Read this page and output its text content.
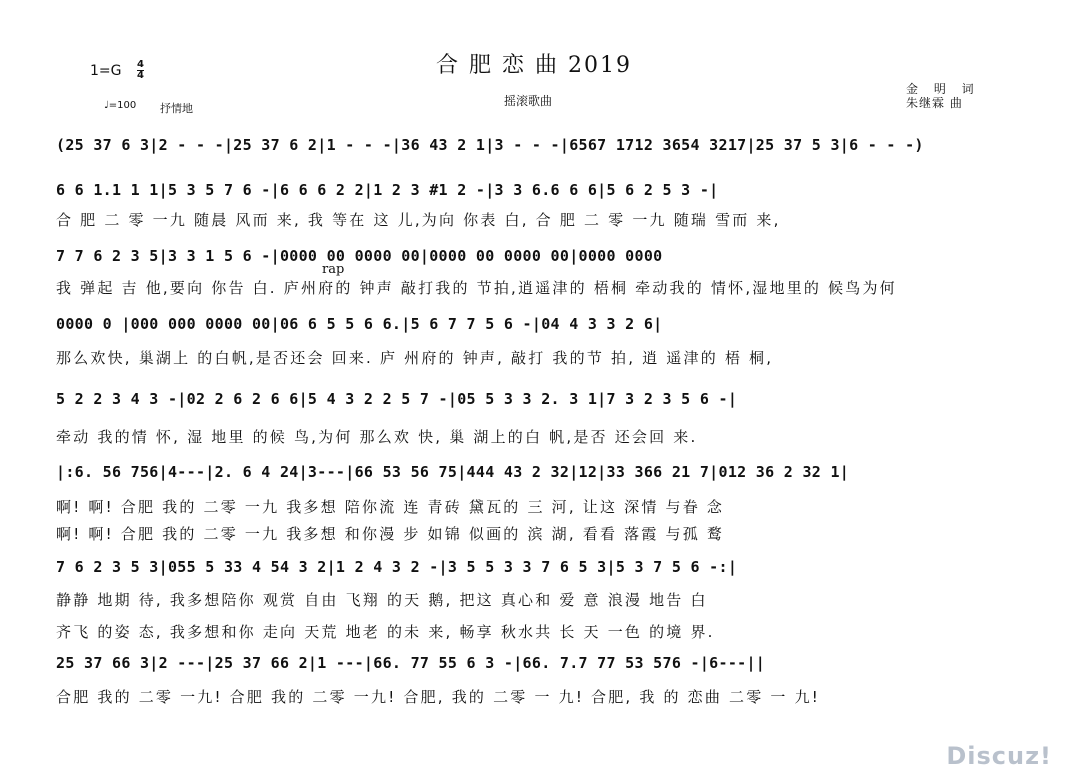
合 肥 恋 曲 2019
1=G 4
4
♩=100 抒情地
摇滚歌曲
金 明 词
朱继霖 曲
rap
(25 37 6 3|2 - - -|25 37 6 2|1 - - -|36 43 2 1|3 - - -|6567 1712 3654 3217|25 37 5 3|6 - - -)
6 6 1.1 1 1|5 3 5 7 6 -|6 6 6 2 2|1 2 3 #1 2 -|3 3 6.6 6 6|5 6 2 5 3 -|
合 肥 二 零 一九 随晨 风而 来, 我 等在 这 儿,为向 你表 白, 合 肥 二 零 一九 随瑞 雪而 来,
7 7 6 2 3 5|3 3 1 5 6 -|0000 00 0000 00|0000 00 0000 00|0000 0000
我 弹起 吉 他,要向 你告 白. 庐州府的 钟声 敲打我的 节拍,逍遥津的 梧桐 牵动我的 情怀,湿地里的 候鸟为何
0000 0 |000 000 0000 00|06 6 5 5 6 6.|5 6 7 7 5 6 -|04 4 3 3 2 6|
那么欢快, 巢湖上 的白帆,是否还会 回来. 庐 州府的 钟声, 敲打 我的节 拍, 逍 遥津的 梧 桐,
5 2 2 3 4 3 -|02 2 6 2 6 6|5 4 3 2 2 5 7 -|05 5 3 3 2. 3 1|7 3 2 3 5 6 -|
牵动 我的情 怀, 湿 地里 的候 鸟,为何 那么欢 快, 巢 湖上的白 帆,是否 还会回 来.
|:6. 56 756|4---|2. 6 4 24|3---|66 53 56 75|444 43 2 32|12|33 366 21 7|012 36 2 32 1|
啊! 啊! 合肥 我的 二零 一九 我多想 陪你流 连 青砖 黛瓦的 三 河, 让这 深情 与眷 念
啊! 啊! 合肥 我的 二零 一九 我多想 和你漫 步 如锦 似画的 滨 湖, 看看 落霞 与孤 鹜
7 6 2 3 5 3|055 5 33 4 54 3 2|1 2 4 3 2 -|3 5 5 3 3 7 6 5 3|5 3 7 5 6 -:|
静静 地期 待, 我多想陪你 观赏 自由 飞翔 的天 鹅, 把这 真心和 爱 意 浪漫 地告 白
齐飞 的姿 态, 我多想和你 走向 天荒 地老 的未 来, 畅享 秋水共 长 天 一色 的境 界.
25 37 66 3|2 ---|25 37 66 2|1 ---|66. 77 55 6 3 -|66. 7.7 77 53 576 -|6---||
合肥 我的 二零 一九! 合肥 我的 二零 一九! 合肥, 我的 二零 一 九! 合肥, 我 的 恋曲 二零 一 九!
Discuz!
